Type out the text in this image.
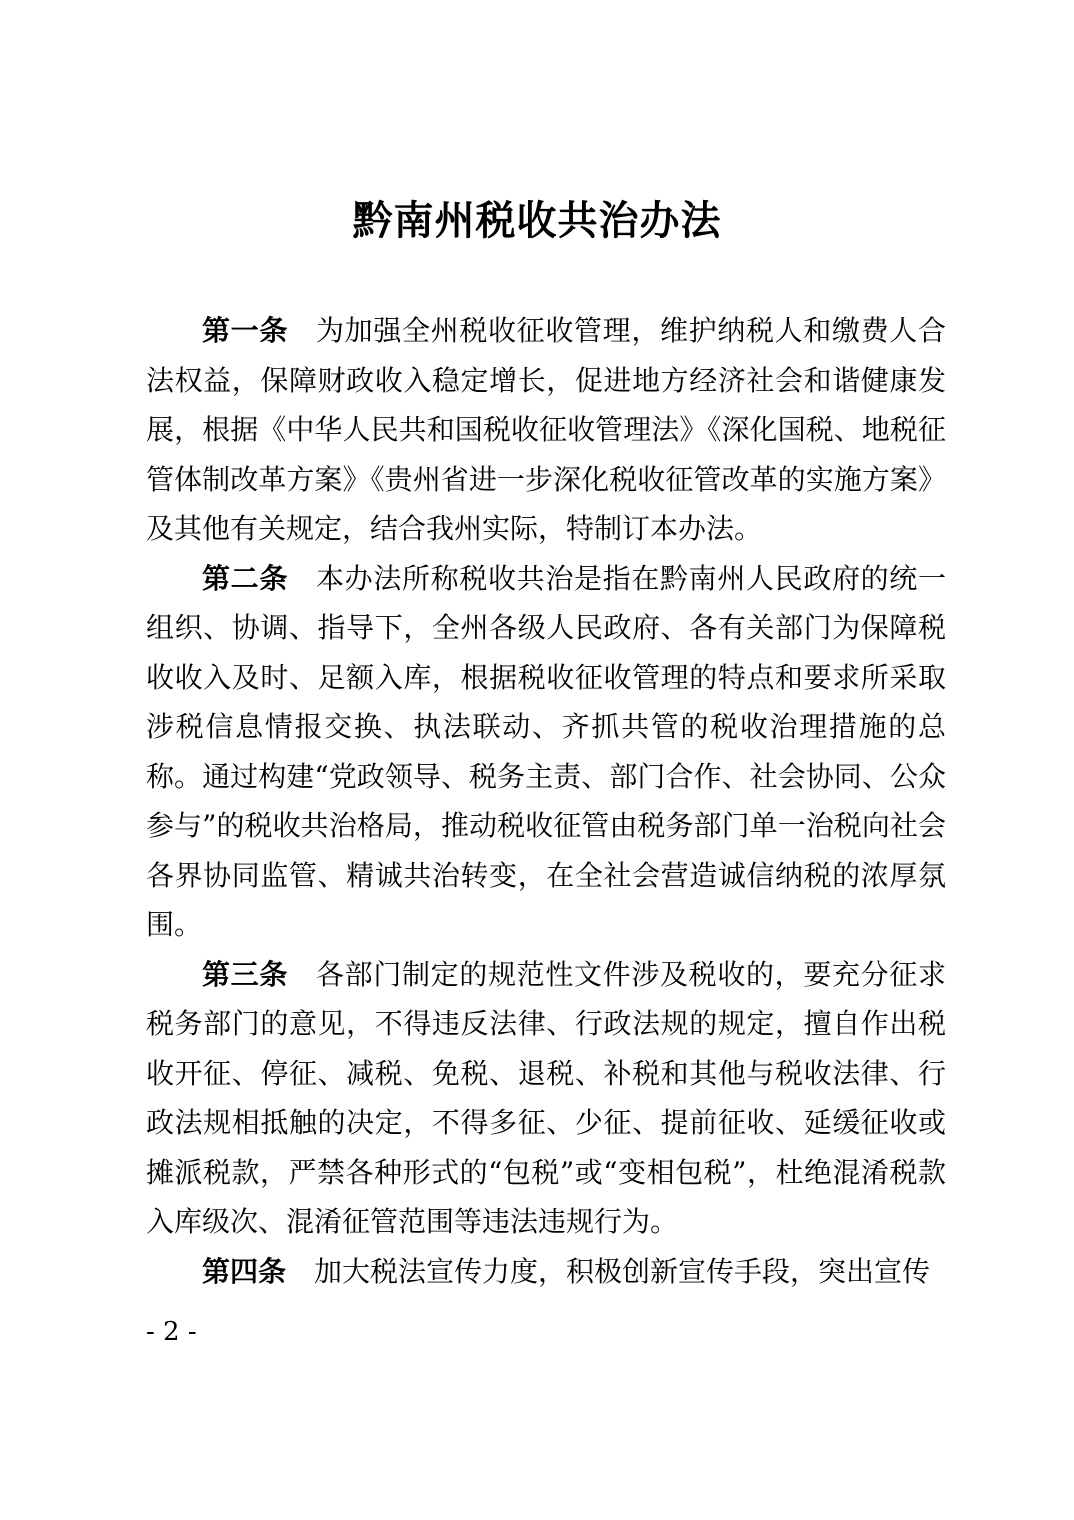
黔南州税收共治办法

第一条 为加强全州税收征收管理，维护纳税人和缴费人合法权益，保障财政收入稳定增长，促进地方经济社会和谐健康发展，根据《中华人民共和国税收征收管理法》《深化国税、地税征管体制改革方案》《贵州省进一步深化税收征管改革的实施方案》及其他有关规定，结合我州实际，特制订本办法。

第二条 本办法所称税收共治是指在黔南州人民政府的统一组织、协调、指导下，全州各级人民政府、各有关部门为保障税收收入及时、足额入库，根据税收征收管理的特点和要求所采取涉税信息情报交换、执法联动、齐抓共管的税收治理措施的总称。通过构建“党政领导、税务主责、部门合作、社会协同、公众参与”的税收共治格局，推动税收征管由税务部门单一治税向社会各界协同监管、精诚共治转变，在全社会营造诚信纳税的浓厚氛围。

第三条 各部门制定的规范性文件涉及税收的，要充分征求税务部门的意见，不得违反法律、行政法规的规定，擅自作出税收开征、停征、减税、免税、退税、补税和其他与税收法律、行政法规相抵触的决定，不得多征、少征、提前征收、延缓征收或摊派税款，严禁各种形式的“包税”或“变相包税”，杜绝混淆税款入库级次、混淆征管范围等违法违规行为。

第四条 加大税法宣传力度，积极创新宣传手段，突出宣传

- 2 -
